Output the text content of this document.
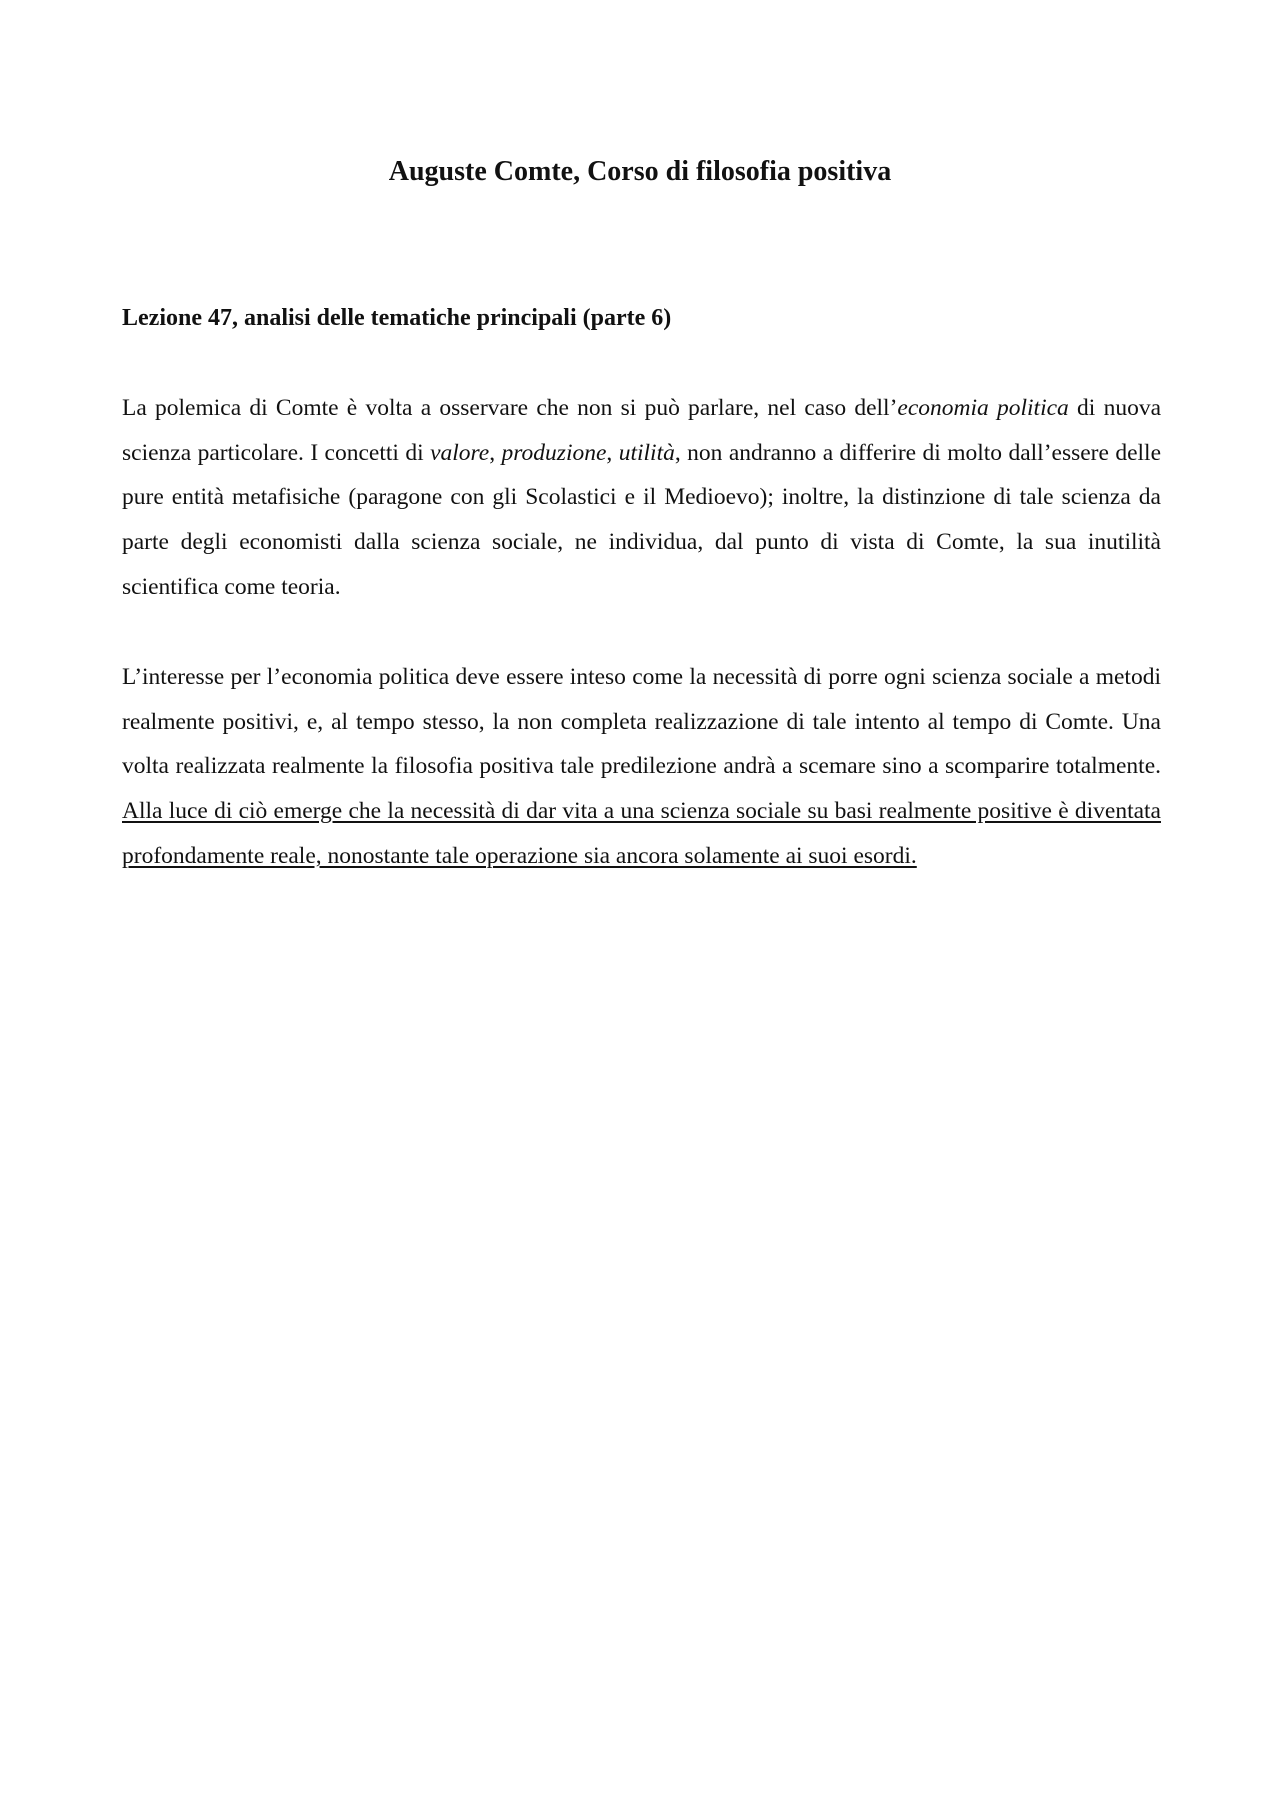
Auguste Comte, Corso di filosofia positiva
Lezione 47, analisi delle tematiche principali (parte 6)

La polemica di Comte è volta a osservare che non si può parlare, nel caso dell’economia politica di nuova scienza particolare. I concetti di valore, produzione, utilità, non andranno a differire di molto dall’essere delle pure entità metafisiche (paragone con gli Scolastici e il Medioevo); inoltre, la distinzione di tale scienza da parte degli economisti dalla scienza sociale, ne individua, dal punto di vista di Comte, la sua inutilità scientifica come teoria.

L’interesse per l’economia politica deve essere inteso come la necessità di porre ogni scienza sociale a metodi realmente positivi, e, al tempo stesso, la non completa realizzazione di tale intento al tempo di Comte. Una volta realizzata realmente la filosofia positiva tale predilezione andrà a scemare sino a scomparire totalmente. Alla luce di ciò emerge che la necessità di dar vita a una scienza sociale su basi realmente positive è diventata profondamente reale, nonostante tale operazione sia ancora solamente ai suoi esordi.
